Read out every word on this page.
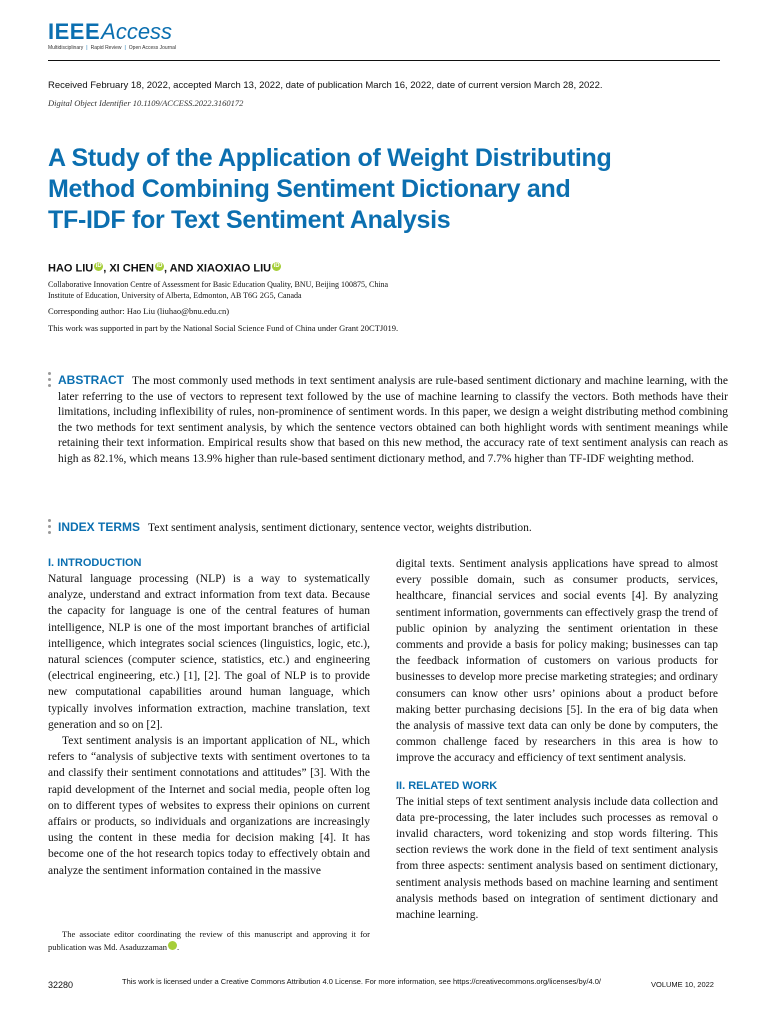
IEEEAccess
Multidisciplinary | Rapid Review | Open Access Journal
Received February 18, 2022, accepted March 13, 2022, date of publication March 16, 2022, date of current version March 28, 2022.
Digital Object Identifier 10.1109/ACCESS.2022.3160172
A Study of the Application of Weight Distributing
Method Combining Sentiment Dictionary and
TF-IDF for Text Sentiment Analysis
HAO LIU iD , XI CHEN iD , AND XIAOXIAO LIU iD
Collaborative Innovation Centre of Assessment for Basic Education Quality, BNU, Beijing 100875, China
Institute of Education, University of Alberta, Edmonton, AB T6G 2G5, Canada
Corresponding author: Hao Liu (liuhao@bnu.edu.cn)
This work was supported in part by the National Social Science Fund of China under Grant 20CTJ019.
ABSTRACT The most commonly used methods in text sentiment analysis are rule-based sentiment dictionary and machine learning, with the later referring to the use of vectors to represent text followed by the use of machine learning to classify the vectors. Both methods have their limitations, including inflexibility of rules, non-prominence of sentiment words. In this paper, we design a weight distributing method combining the two methods for text sentiment analysis, by which the sentence vectors obtained can both highlight words with sentiment meanings while retaining their text information. Empirical results show that based on this new method, the accuracy rate of text sentiment analysis can reach as high as 82.1%, which means 13.9% higher than rule-based sentiment dictionary method, and 7.7% higher than TF-IDF weighting method.
INDEX TERMS Text sentiment analysis, sentiment dictionary, sentence vector, weights distribution.
I. INTRODUCTION

Natural language processing (NLP) is a way to systematically analyze, understand and extract information from text data. Because the capacity for language is one of the central features of human intelligence, NLP is one of the most important branches of artificial intelligence, which integrates social sciences (linguistics, logic, etc.), natural sciences (computer science, statistics, etc.) and engineering (electrical engineering, etc.) [1], [2]. The goal of NLP is to provide new computational capabilities around human language, which typically involves information extraction, machine translation, text generation and so on [2].

Text sentiment analysis is an important application of NL, which refers to “analysis of subjective texts with sentiment overtones to ta and classify their sentiment connotations and attitudes” [3]. With the rapid development of the Internet and social media, people often log on to different types of websites to express their opinions on current affairs or products, so individuals and organizations are increasingly using the content in these media for decision making [4]. It has become one of the hot research topics today to effectively obtain and analyze the sentiment information contained in the massive

digital texts. Sentiment analysis applications have spread to almost every possible domain, such as consumer products, services, healthcare, financial services and social events [4]. By analyzing sentiment information, governments can effectively grasp the trend of public opinion by analyzing the sentiment orientation in these comments and provide a basis for policy making; businesses can tap the feedback information of customers on various products for businesses to develop more precise marketing strategies; and ordinary consumers can know other usrs’ opinions about a product before making better purchasing decisions [5]. In the era of big data when the analysis of massive text data can only be done by computers, the common challenge faced by researchers in this area is how to improve the accuracy and efficiency of text sentiment analysis.

II. RELATED WORK

The initial steps of text sentiment analysis include data collection and data pre-processing, the later includes such processes as removal o invalid characters, word tokenizing and stop words filtering. This section reviews the work done in the field of text sentiment analysis from three aspects: sentiment analysis based on sentiment dictionary, sentiment analysis methods based on machine learning and sentiment analysis methods based on integration of sentiment dictionary and machine learning.

The associate editor coordinating the review of this manuscript and approving it for publication was Md. Asaduzzaman	iD.
32280	This work is licensed under a Creative Commons Attribution 4.0 License. For more information, see https://creativecommons.org/licenses/by/4.0/	VOLUME 10, 2022
